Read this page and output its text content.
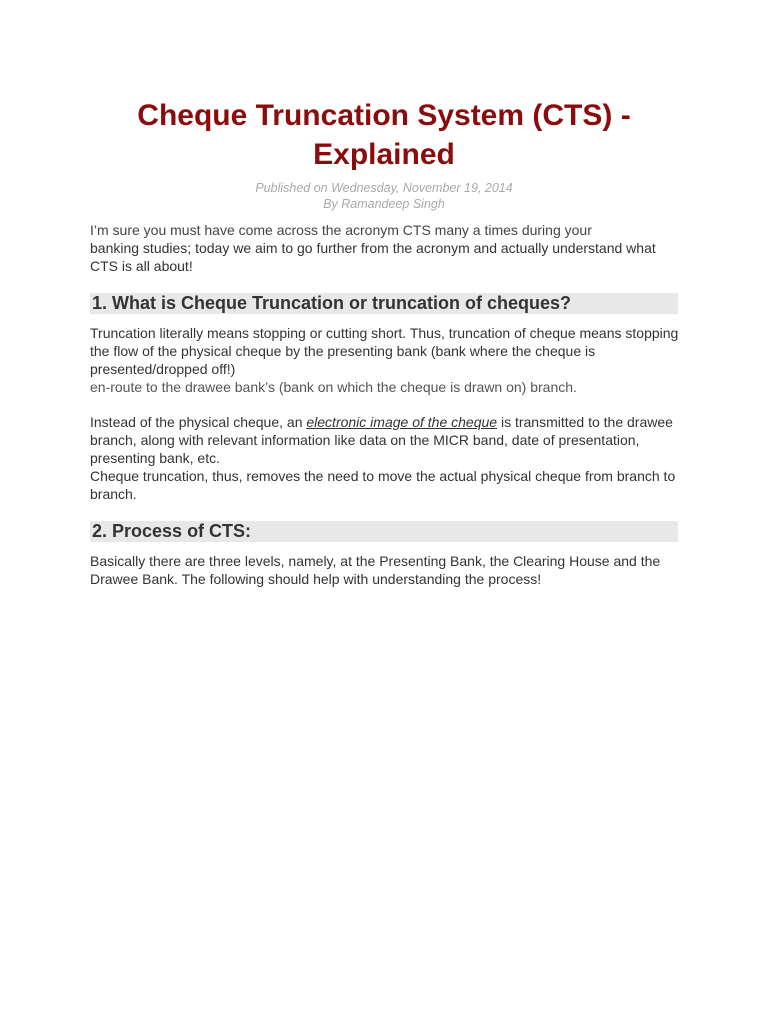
Cheque Truncation System (CTS) -
Explained
Published on Wednesday, November 19, 2014
By Ramandeep Singh

I’m sure you must have come across the acronym CTS many a times during your
banking studies; today we aim to go further from the acronym and actually understand what CTS is all about!

1. What is Cheque Truncation or truncation of cheques?

Truncation literally means stopping or cutting short. Thus, truncation of cheque means stopping the flow of the physical cheque by the presenting bank (bank where the cheque is presented/dropped off!)
en-route to the drawee bank’s (bank on which the cheque is drawn on) branch.

Instead of the physical cheque, an electronic image of the cheque is transmitted to the drawee branch, along with relevant information like data on the MICR band, date of presentation, presenting bank, etc.
Cheque truncation, thus, removes the need to move the actual physical cheque from branch to branch.

2. Process of CTS:

Basically there are three levels, namely, at the Presenting Bank, the Clearing House and the Drawee Bank. The following should help with understanding the process!
